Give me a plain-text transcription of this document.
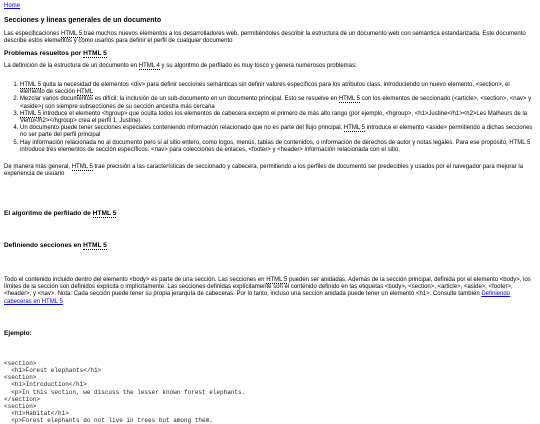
Home
Secciones y líneas generales de un documento

Las especificaciones HTML 5 trae muchos nuevos elementos a los desarrolladores web, permitiéndoles describir la estructura de un documento web con semántica estandarizada. Este documento describe estos elementos y cómo usarlos para definir el perfil de cualquier documento

Problemas resueltos por HTML 5

La definición de la estructura de un documento en HTML 4 y su algoritmo de perfilado es muy tosco y genera numerosos problemas:

1. HTML 5 quita la necesidad de elementos <div> para definir secciones semánticas sin definir valores específicos para los atributos class, introduciendo un nuevo elemento, <section>, el elemento de sección HTML
2. Mezclar varios documentos es difícil: la inclusión de un sub-documento en un documento principal. Esto se resuelve en HTML 5 con los elementos de seccionado (<article>, <section>, <nav> y <aside>) son siempre subsecciones de su sección ancestra más cercana
3. HTML 5 introduce el elemento <hgroup> que oculta todos los elementos de cabecera excepto el primero de más alto rango (por ejemplo, <hgroup>, <h1>Justine</h1><h2>Les Malheurs de la Vertu</h2></hgroup> crea el perfil 1. Justine).
4. Un documento puede tener secciones especiales conteniendo información relacionado que no es parte del flujo principal. HTML 5 introduce el elemento <aside> permitiendo a dichas secciones no ser parte del perfil principal
5. Hay información relacionada no al documento pero si al sitio entero, como logos, menús, tablas de contenidos, o información de derechos de autor y notas legales. Para ese propósito, HTML 5 introduce tres elementos de sección específicos: <nav> para colecciones de enlaces, <footer> y <header> información relacionada con el sitio.

De manera más general, HTML 5 trae precisión a las características de seccionado y cabecera, permitiendo a los perfiles de documento ser predecibles y usados por el navegador para mejorar la experiencia de usuario

El algoritmo de perfilado de HTML 5
Definiendo secciones en HTML 5

Todo el contenido incluido dentro del elemento <body> es parte de una sección. Las secciones en HTML 5 pueden ser anidadas. Además de la sección principal, definida por el elemento <body>, los límites de la sección son definidos explícita o implícitamente. Las secciones definidas explícitamente son el contenido definido en las etiquetas <body>, <section>, <article>, <aside>, <footer>, <header>, y <nav>. Nota: Cada sección puede tener su propia jerarquía de cabeceras. Por lo tanto, incluso una sección anidada puede tener un elemento <h1>. Consulte también Definiendo cabeceras en HTML 5

Ejemplo:
<section>
<h1>Forest elephants</h1>
<section>
<h1>Introduction</h1>
<p>In this section, we discuss the lesser known forest elephants.
</section>
<section>
<h1>Habitat</h1>
<p>Forest elephants do not live in trees but among them.
